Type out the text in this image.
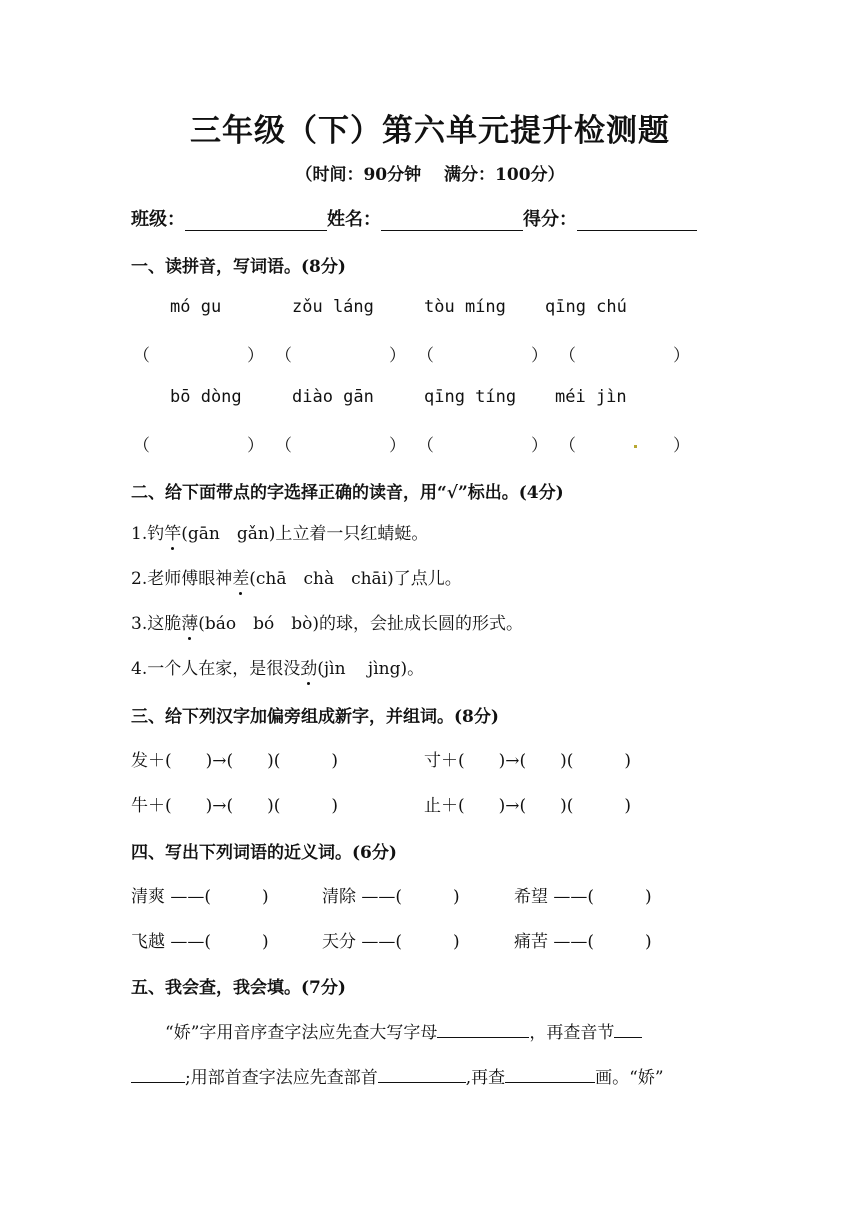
三年级（下）第六单元提升检测题
（时间：90分钟　 满分：100分）
班级：	姓名：	得分：
一、读拼音，写词语。(8分)
mó gu	zǒu láng	tòu míng qīng chú
（	） （	） （	） （	）
bō dòng	diào gān	qīng tíng méi jìn
（	） （	） （	） （	）
二、给下面带点的字选择正确的读音，用“√”标出。(4分)
1.钓竿(gān　gǎn)上立着一只红蜻蜓。
2.老师傅眼神差(chā　chà　chāi)了点儿。
3.这脆薄(báo　bó　bò)的球，会扯成长圆的形式。
4.一个人在家，是很没劲(jìn　 jìng)。
三、给下列汉字加偏旁组成新字，并组词。(8分)
发＋(　　)→(　　)(　　　)	寸＋(　　)→(　　)(　　　)
牛＋(　　)→(　　)(　　　)	止＋(　　)→(　　)(　　　)
四、写出下列词语的近义词。(6分)
清爽 ——(　　　)	清除 ——(　　　)	希望 ——(　　　)
飞越 ——(　　　)	天分 ——(　　　)	痛苦 ——(　　　)
五、我会查，我会填。(7分)
　　“娇”字用音序查字法应先查大写字母	，再查音节
;用部首查字法应先查部首	,再查	画。“娇”
